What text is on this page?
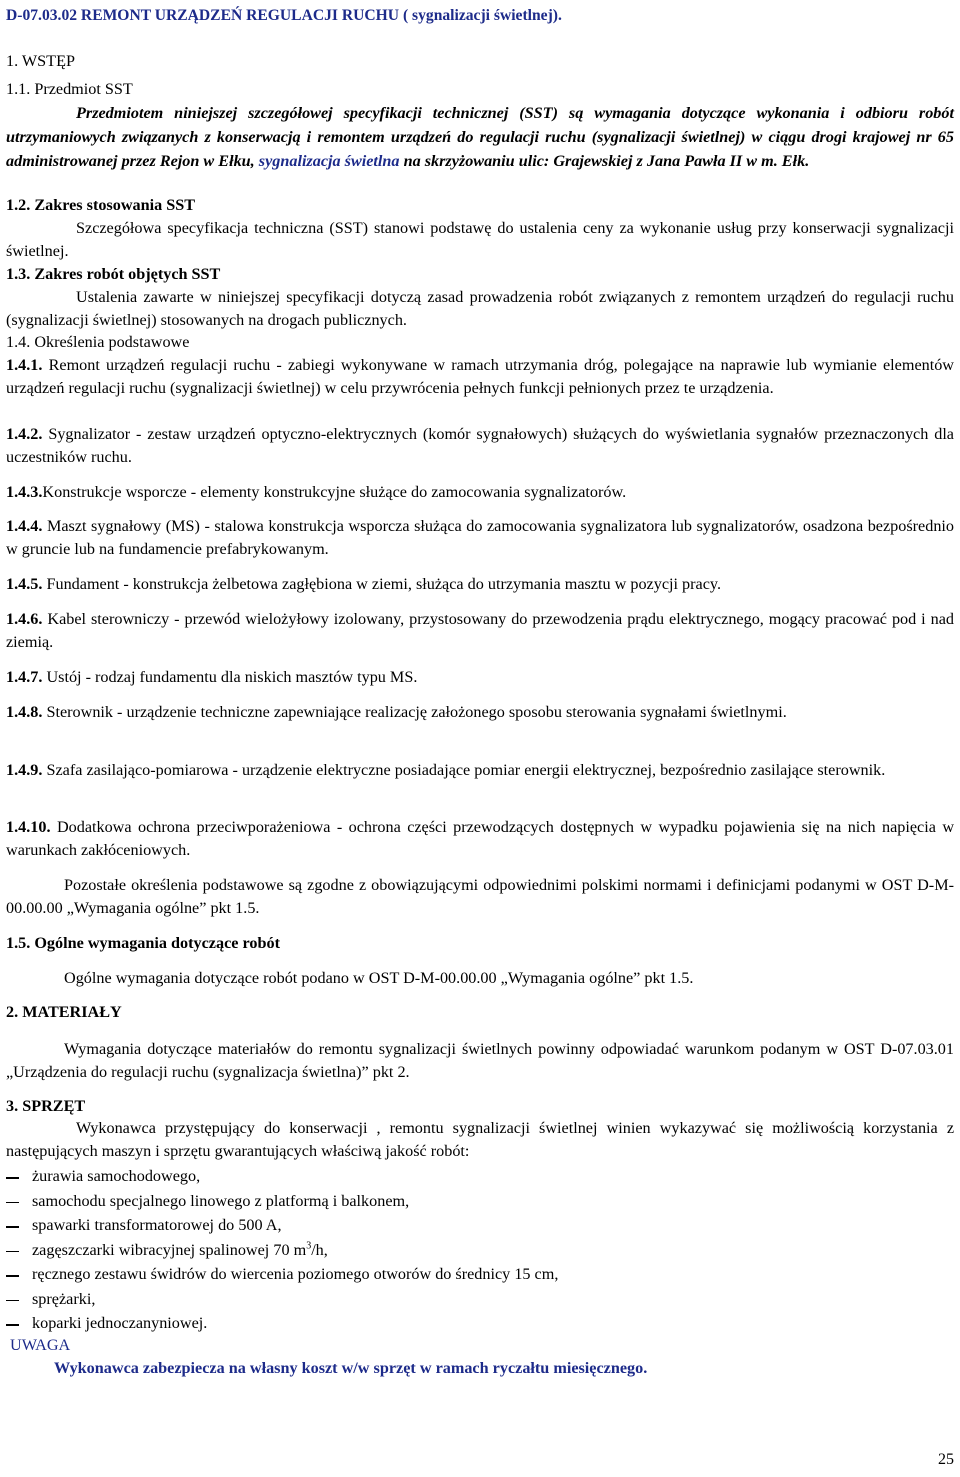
D-07.03.02 REMONT URZĄDZEŃ REGULACJI RUCHU ( sygnalizacji świetlnej).
1. WSTĘP

1.1. Przedmiot SST

Przedmiotem niniejszej szczegółowej specyfikacji technicznej (SST) są wymagania dotyczące wykonania i odbioru robót utrzymaniowych związanych z konserwacją i remontem urządzeń do regulacji ruchu (sygnalizacji świetlnej) w ciągu drogi krajowej nr 65 administrowanej przez Rejon w Ełku, sygnalizacja świetlna na skrzyżowaniu ulic: Grajewskiej z Jana Pawła II w m. Ełk.

1.2. Zakres stosowania SST

Szczegółowa specyfikacja techniczna (SST) stanowi podstawę do ustalenia ceny za wykonanie usług przy konserwacji sygnalizacji świetlnej.

1.3. Zakres robót objętych SST

Ustalenia zawarte w niniejszej specyfikacji dotyczą zasad prowadzenia robót związanych z remontem urządzeń do regulacji ruchu (sygnalizacji świetlnej) stosowanych na drogach publicznych.

1.4. Określenia podstawowe

1.4.1. Remont urządzeń regulacji ruchu - zabiegi wykonywane w ramach utrzymania dróg, polegające na naprawie lub wymianie elementów urządzeń regulacji ruchu (sygnalizacji świetlnej) w celu przywrócenia pełnych funkcji pełnionych przez te urządzenia.

1.4.2. Sygnalizator - zestaw urządzeń optyczno-elektrycznych (komór sygnałowych) służących do wyświetlania sygnałów przeznaczonych dla uczestników ruchu.

1.4.3.Konstrukcje wsporcze - elementy konstrukcyjne służące do zamocowania sygnalizatorów.

1.4.4. Maszt sygnałowy (MS) - stalowa konstrukcja wsporcza służąca do zamocowania sygnalizatora lub sygnalizatorów, osadzona bezpośrednio w gruncie lub na fundamencie prefabrykowanym.

1.4.5. Fundament - konstrukcja żelbetowa zagłębiona w ziemi, służąca do utrzymania masztu w pozycji pracy.

1.4.6. Kabel sterowniczy - przewód wielożyłowy izolowany, przystosowany do przewodzenia prądu elektrycznego, mogący pracować pod i nad ziemią.

1.4.7. Ustój - rodzaj fundamentu dla niskich masztów typu MS.

1.4.8. Sterownik - urządzenie techniczne zapewniające realizację założonego sposobu sterowania sygnałami świetlnymi.

1.4.9. Szafa zasilająco-pomiarowa - urządzenie elektryczne posiadające pomiar energii elektrycznej, bezpośrednio zasilające sterownik.

1.4.10. Dodatkowa ochrona przeciwporażeniowa - ochrona części przewodzących dostępnych w wypadku pojawienia się na nich napięcia w warunkach zakłóceniowych.

Pozostałe określenia podstawowe są zgodne z obowiązującymi odpowiednimi polskimi normami i definicjami podanymi w OST D-M-00.00.00 „Wymagania ogólne” pkt 1.5.

1.5. Ogólne wymagania dotyczące robót

Ogólne wymagania dotyczące robót podano w OST D-M-00.00.00 „Wymagania ogólne” pkt 1.5.

2. MATERIAŁY

Wymagania dotyczące materiałów do remontu sygnalizacji świetlnych powinny odpowiadać warunkom podanym w OST D-07.03.01 „Urządzenia do regulacji ruchu (sygnalizacja świetlna)” pkt 2.

3. SPRZĘT

Wykonawca przystępujący do konserwacji , remontu sygnalizacji świetlnej winien wykazywać się możliwością korzystania z następujących maszyn i sprzętu gwarantujących właściwą jakość robót:

żurawia samochodowego,
samochodu specjalnego linowego z platformą i balkonem,
spawarki transformatorowej do 500 A,
zagęszczarki wibracyjnej spalinowej 70 $m^3/h$,
ręcznego zestawu świdrów do wiercenia poziomego otworów do średnicy 15 cm,
sprężarki,
koparki jednoczanyniowej.
UWAGA
Wykonawca zabezpiecza na własny koszt w/w sprzęt w ramach ryczałtu miesięcznego.
25
